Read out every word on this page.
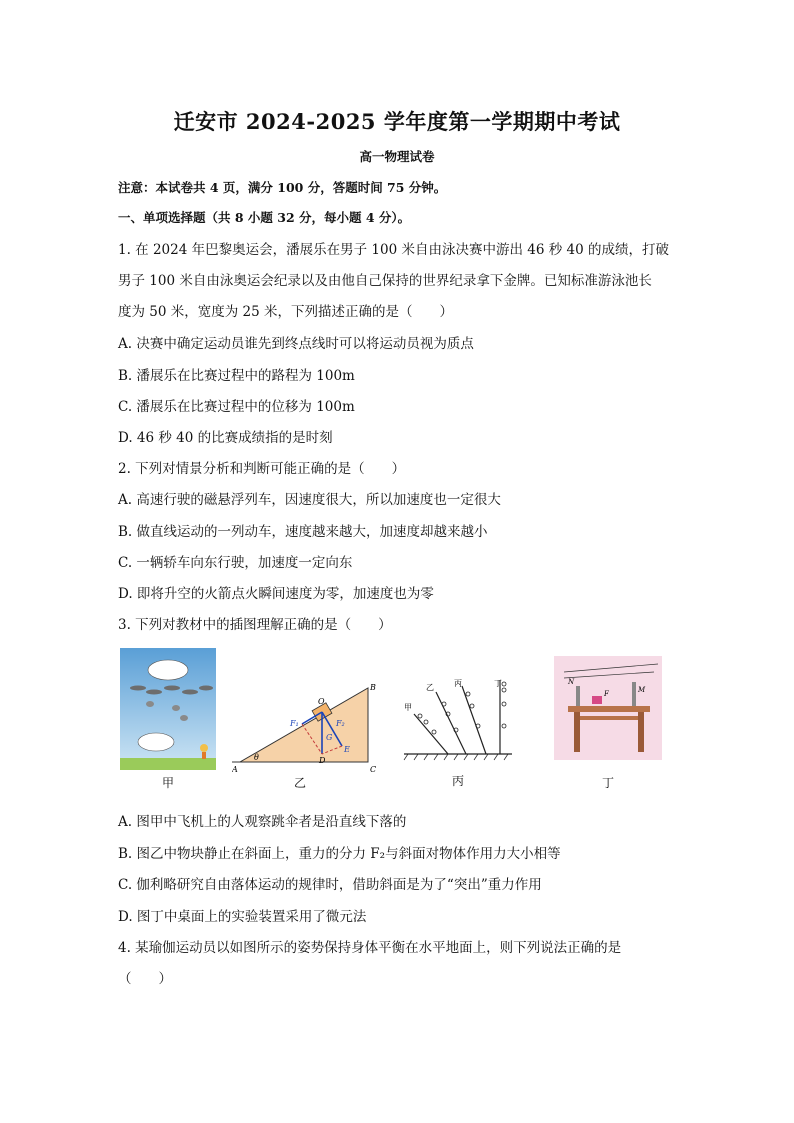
迁安市 2024-2025 学年度第一学期期中考试
高一物理试卷
注意：本试卷共 4 页，满分 100 分，答题时间 75 分钟。
一、单项选择题（共 8 小题 32 分，每小题 4 分）。
1. 在 2024 年巴黎奥运会，潘展乐在男子 100 米自由泳决赛中游出 46 秒 40 的成绩，打破
男子 100 米自由泳奥运会纪录以及由他自己保持的世界纪录拿下金牌。已知标准游泳池长
度为 50 米，宽度为 25 米，下列描述正确的是（　　）
A. 决赛中确定运动员谁先到终点线时可以将运动员视为质点
B. 潘展乐在比赛过程中的路程为 100m
C. 潘展乐在比赛过程中的位移为 100m
D. 46 秒 40 的比赛成绩指的是时刻
2. 下列对情景分析和判断可能正确的是（　　）
A. 高速行驶的磁悬浮列车，因速度很大，所以加速度也一定很大
B. 做直线运动的一列动车，速度越来越大，加速度却越来越小
C. 一辆轿车向东行驶，加速度一定向东
D. 即将升空的火箭点火瞬间速度为零，加速度也为零
3. 下列对教材中的插图理解正确的是（　　）
甲
O
B
F₁	F₂
G
E
D
A
θ
C
乙
甲
乙	丙	丁
丙
N
F	M
丁
A. 图甲中飞机上的人观察跳伞者是沿直线下落的
B. 图乙中物块静止在斜面上，重力的分力 F₂与斜面对物体作用力大小相等
C. 伽利略研究自由落体运动的规律时，借助斜面是为了“突出”重力作用
D. 图丁中桌面上的实验装置采用了微元法
4. 某瑜伽运动员以如图所示的姿势保持身体平衡在水平地面上，则下列说法正确的是
（　　）
